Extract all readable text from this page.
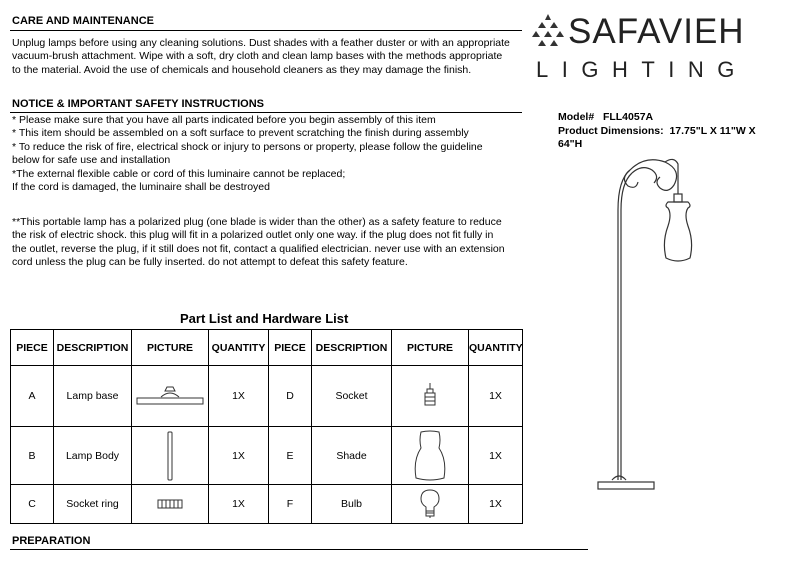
CARE AND MAINTENANCE
Unplug lamps before using any cleaning solutions. Dust shades with a feather duster or with an appropriate
vacuum-brush attachment. Wipe with a soft, dry cloth and clean lamp bases with the methods appropriate
to the material. Avoid the use of chemicals and household cleaners as they may damage the finish.
NOTICE & IMPORTANT SAFETY INSTRUCTIONS
* Please make sure that you have all parts indicated before you begin assembly of this item
* This item should be assembled on a soft surface to prevent scratching the finish during assembly
* To reduce the risk of fire, electrical shock or injury to persons or property, please follow the guideline
below for safe use and installation
*The external flexible cable or cord of this luminaire cannot be replaced;
If the cord is damaged, the luminaire shall be destroyed
**This portable lamp has a polarized plug (one blade is wider than the other) as a safety feature to reduce
the risk of electric shock. this plug will fit in a polarized outlet only one way. if the plug does not fit fully in
the outlet, reverse the plug, if it still does not fit, contact a qualified electrician. never use with an extension
cord unless the plug can be fully inserted. do not attempt to defeat this safety feature.
SAFAVIEH
LIGHTING
Model# FLL4057A
Product Dimensions: 17.75"L X 11"W X
64"H
Part List and Hardware List
PIECE	DESCRIPTION	PICTURE	QUANTITY	PIECE	DESCRIPTION	PICTURE	QUANTITY
A	Lamp base		1X	D	Socket		1X
B	Lamp Body		1X	E	Shade		1X
C	Socket ring		1X	F	Bulb		1X
PREPARATION
